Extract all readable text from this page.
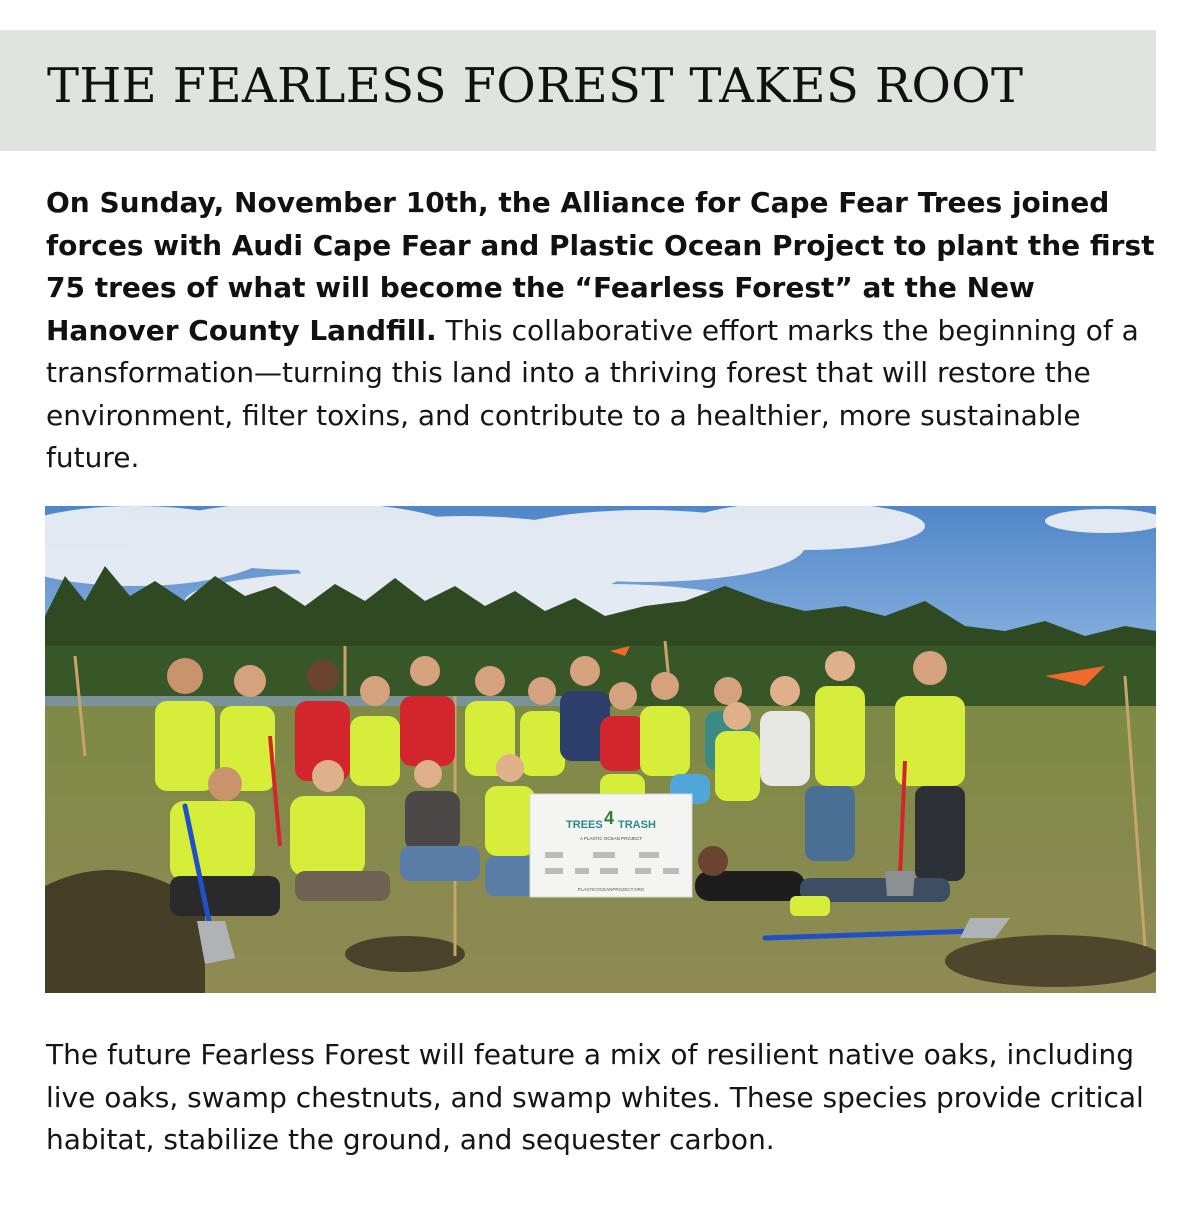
THE FEARLESS FOREST TAKES ROOT

On Sunday, November 10th, the Alliance for Cape Fear Trees joined forces with Audi Cape Fear and Plastic Ocean Project to plant the first 75 trees of what will become the “Fearless Forest” at the New Hanover County Landfill. This collaborative effort marks the beginning of a transformation—turning this land into a thriving forest that will restore the environment, filter toxins, and contribute to a healthier, more sustainable future.

TREES 4 TRASH
A PLASTIC OCEAN PROJECT
PLASTICOCEANPROJECT.ORG

The future Fearless Forest will feature a mix of resilient native oaks, including live oaks, swamp chestnuts, and swamp whites. These species provide critical habitat, stabilize the ground, and sequester carbon.
